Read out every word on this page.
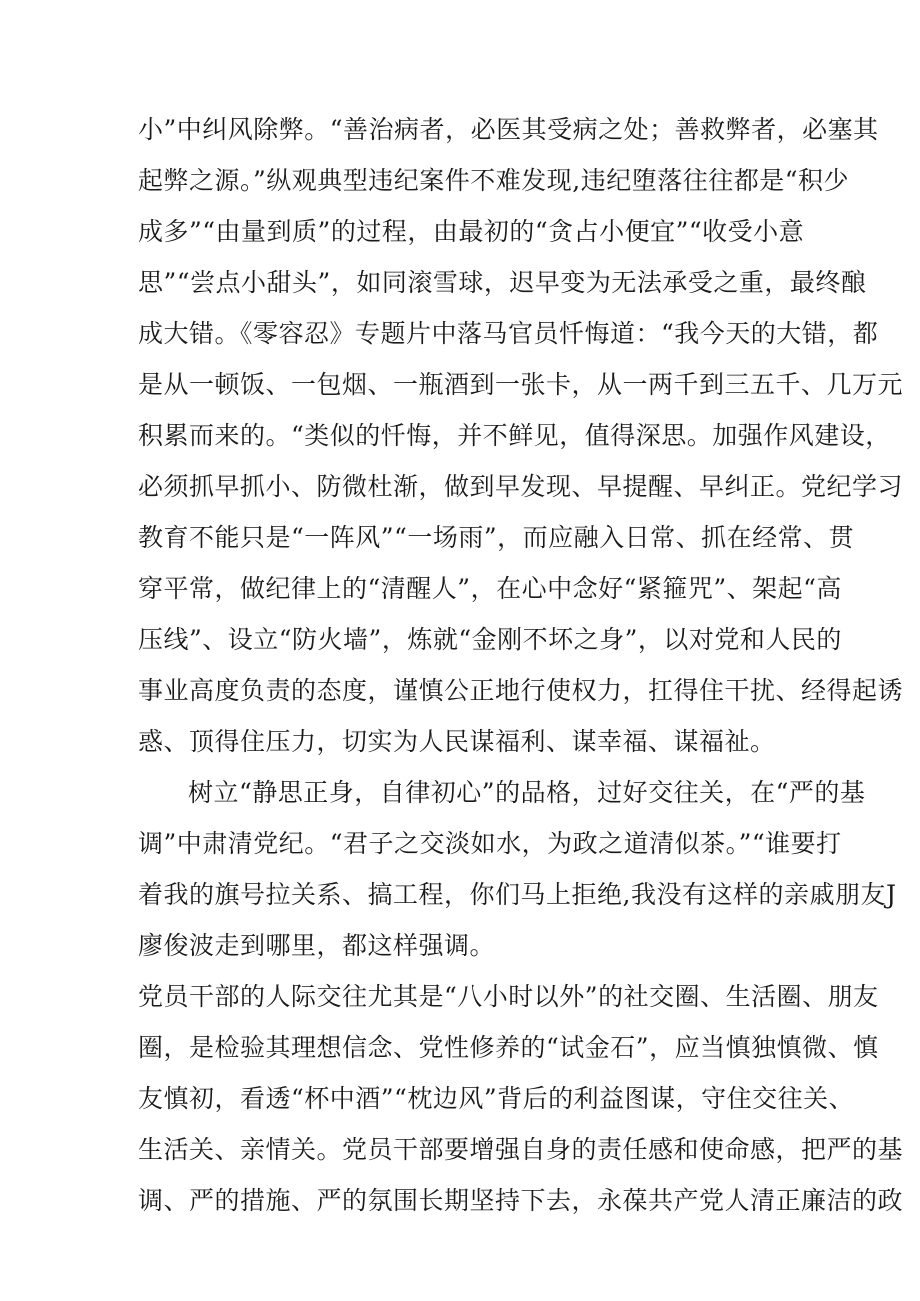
小”中纠风除弊。“善治病者，必医其受病之处；善救弊者，必塞其
起弊之源。”纵观典型违纪案件不难发现,违纪堕落往往都是“积少
成多”“由量到质”的过程，由最初的“贪占小便宜”“收受小意
思”“尝点小甜头”，如同滚雪球，迟早变为无法承受之重，最终酿
成大错。《零容忍》专题片中落马官员忏悔道：“我今天的大错，都
是从一顿饭、一包烟、一瓶酒到一张卡，从一两千到三五千、几万元
积累而来的。“类似的忏悔，并不鲜见，值得深思。加强作风建设，
必须抓早抓小、防微杜渐，做到早发现、早提醒、早纠正。党纪学习
教育不能只是“一阵风”“一场雨”，而应融入日常、抓在经常、贯
穿平常，做纪律上的“清醒人”，在心中念好“紧箍咒”、架起“高
压线”、设立“防火墙”，炼就“金刚不坏之身”，以对党和人民的
事业高度负责的态度，谨慎公正地行使权力，扛得住干扰、经得起诱
惑、顶得住压力，切实为人民谋福利、谋幸福、谋福祉。
树立“静思正身，自律初心”的品格，过好交往关，在“严的基
调”中肃清党纪。“君子之交淡如水，为政之道清似茶。”“谁要打
着我的旗号拉关系、搞工程，你们马上拒绝,我没有这样的亲戚朋友J
廖俊波走到哪里，都这样强调。
党员干部的人际交往尤其是“八小时以外”的社交圈、生活圈、朋友
圈，是检验其理想信念、党性修养的“试金石”，应当慎独慎微、慎
友慎初，看透“杯中酒”“枕边风”背后的利益图谋，守住交往关、
生活关、亲情关。党员干部要增强自身的责任感和使命感，把严的基
调、严的措施、严的氛围长期坚持下去，永葆共产党人清正廉洁的政
